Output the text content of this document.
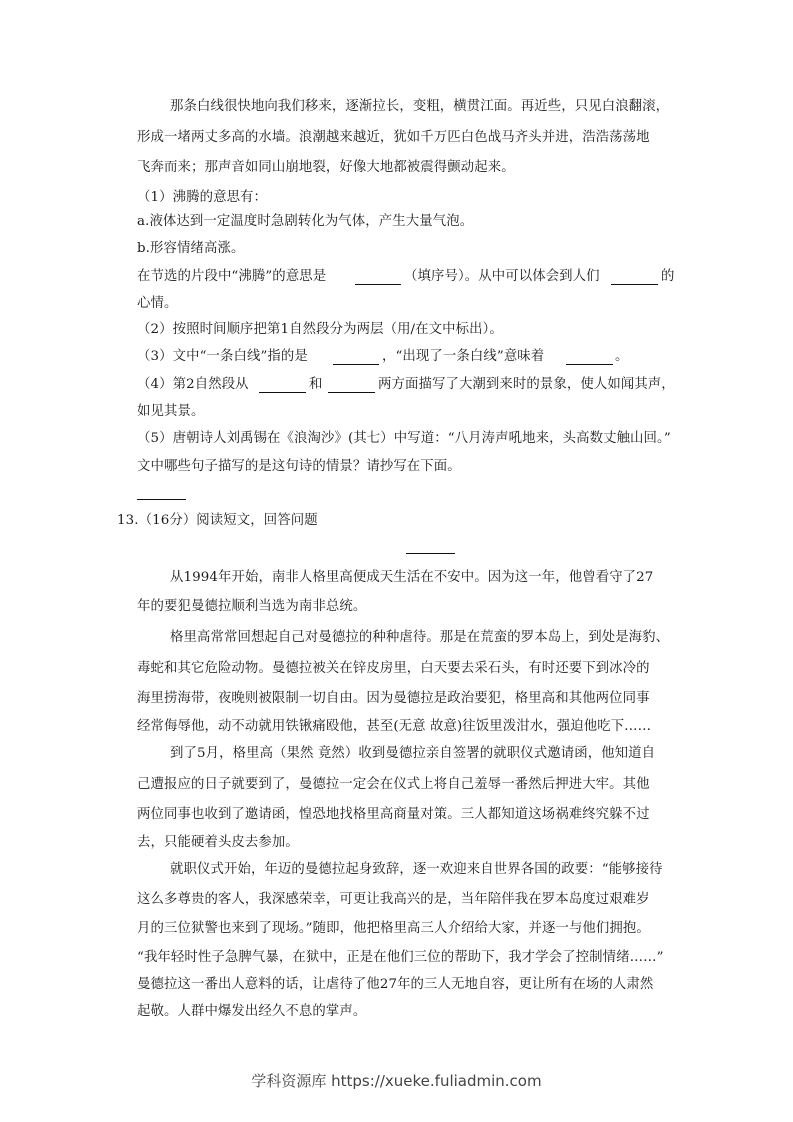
那条白线很快地向我们移来，逐渐拉长，变粗，横贯江面。再近些，只见白浪翻滚，
形成一堵两丈多高的水墙。浪潮越来越近，犹如千万匹白色战马齐头并进，浩浩荡荡地
飞奔而来；那声音如同山崩地裂，好像大地都被震得颤动起来。
（1）沸腾的意思有：
a.液体达到一定温度时急剧转化为气体，产生大量气泡。
b.形容情绪高涨。
在节选的片段中“沸腾”的意思是	（填序号）。从中可以体会到人们	的
心情。
（2）按照时间顺序把第1自然段分为两层（用/在文中标出）。
（3）文中“一条白线”指的是	，“出现了一条白线”意味着	。
（4）第2自然段从	和	两方面描写了大潮到来时的景象，使人如闻其声，
如见其景。
（5）唐朝诗人刘禹锡在《浪淘沙》(其七）中写道：“八月涛声吼地来，头高数丈触山回。”
文中哪些句子描写的是这句诗的情景？请抄写在下面。
13.（16分）阅读短文，回答问题
从1994年开始，南非人格里高便成天生活在不安中。因为这一年，他曾看守了27
年的要犯曼德拉顺利当选为南非总统。
格里高常常回想起自己对曼德拉的种种虐待。那是在荒蛮的罗本岛上，到处是海豹、
毒蛇和其它危险动物。曼德拉被关在锌皮房里，白天要去采石头，有时还要下到冰冷的
海里捞海带，夜晚则被限制一切自由。因为曼德拉是政治要犯，格里高和其他两位同事
经常侮辱他，动不动就用铁锹痛殴他，甚至(无意 故意)往饭里泼泔水，强迫他吃下……
到了5月，格里高（果然 竟然）收到曼德拉亲自签署的就职仪式邀请函，他知道自
己遭报应的日子就要到了，曼德拉一定会在仪式上将自己羞辱一番然后押进大牢。其他
两位同事也收到了邀请函，惶恐地找格里高商量对策。三人都知道这场祸难终究躲不过
去，只能硬着头皮去参加。
就职仪式开始，年迈的曼德拉起身致辞，逐一欢迎来自世界各国的政要：“能够接待
这么多尊贵的客人，我深感荣幸，可更让我高兴的是，当年陪伴我在罗本岛度过艰难岁
月的三位狱警也来到了现场。”随即，他把格里高三人介绍给大家，并逐一与他们拥抱。
“我年轻时性子急脾气暴，在狱中，正是在他们三位的帮助下，我才学会了控制情绪……”
曼德拉这一番出人意料的话，让虐待了他27年的三人无地自容，更让所有在场的人肃然
起敬。人群中爆发出经久不息的掌声。
学科资源库 https://xueke.fuliadmin.com
